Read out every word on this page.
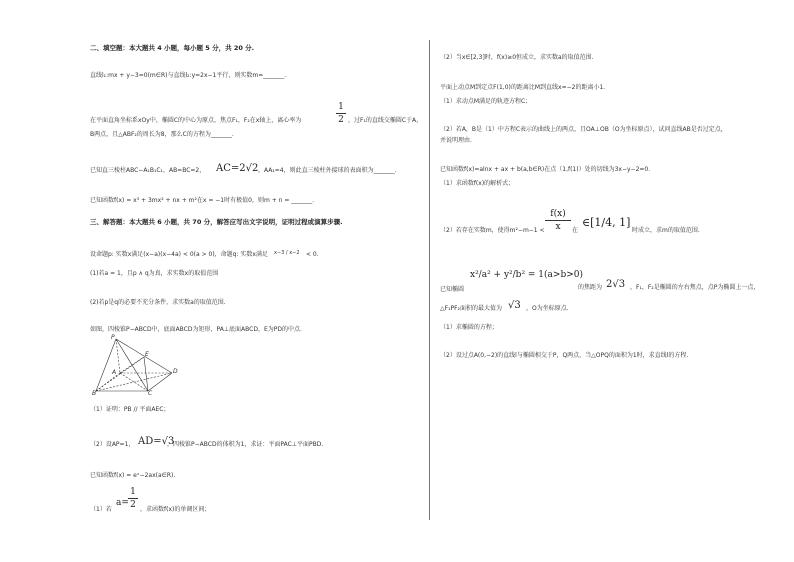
二、填空题：本大题共 4 小题，每小题 5 分，共 20 分.
直线l₁:mx + y−3=0(m∈R)与直线l₂:y=2x−1平行，则实数m=_______.
在平面直角坐标系xOy中，椭圆C的中心为原点，焦点F₁，F₂在x轴上，离心率为
1
2 ，过F₁的直线交椭圆C于A，
B两点，且△ABF₂的周长为8，那么C的方程为_______.
已知直三棱柱ABC−A₁B₁C₁，AB=BC=2， AC=2√2 ，AA₁=4，则此直三棱柱外接球的表面积为_______.
已知函数f(x) = x³ + 3mx² + nx + m²在x = −1时有极值0，则m + n = _______.
三、解答题：本大题共 6 小题，共 70 分，解答应写出文字说明，证明过程或演算步骤.
设命题p: 实数x满足(x−a)(x−4a) < 0(a > 0)，命题q: 实数x满足 x−3 / x−2 < 0.
(1)若a = 1，且p ∧ q为真，求实数x的取值范围
(2)若p是q的必要不充分条件，求实数a的取值范围.
如图，四棱锥P−ABCD中，底面ABCD为矩形，PA⊥底面ABCD，E为PD的中点.
P
A
B	C
D
E
（1）证明：PB // 平面AEC；
（2）设AP=1， AD=√3
，四棱锥P−ABCD的体积为1，求证：平面PAC⊥平面PBD.
已知函数f(x) = eˣ−2ax(a∈R).
（1）若
a=
1
2 ，求函数f(x)的单调区间；
（2）当x∈[2,3]时，f(x)≥0恒成立，求实数a的取值范围.
平面上动点M到定点F(1,0)的距离比M到直线x=−2的距离小1.
（1）求动点M满足的轨迹方程C；
（2）若A，B是（1）中方程C表示的曲线上的两点，且OA⊥OB（O为坐标原点），试问直线AB是否过定点，
并说明理由.
已知函数f(x)=alnx + ax + b(a,b∈R)在点（1,f(1)）处的切线为3x−y−2=0.
（1）求函数f(x)的解析式；
（2）若存在实数m，使得m²−m−1 <
f(x)
x	在
∈[1/4, 1]
时成立，求m的取值范围.
已知椭圆
x²/a² + y²/b² = 1(a>b>0)
的焦距为 2√3 ，F₁，F₂是椭圆的左右焦点，点P为椭圆上一点，
△F₁PF₂面积的最大值为 √3 ，O为坐标原点.
（1）求椭圆的方程；
（2）设过点A(0,−2)的直线l与椭圆相交于P，Q两点，当△OPQ的面积为1时，求直线l的方程.
